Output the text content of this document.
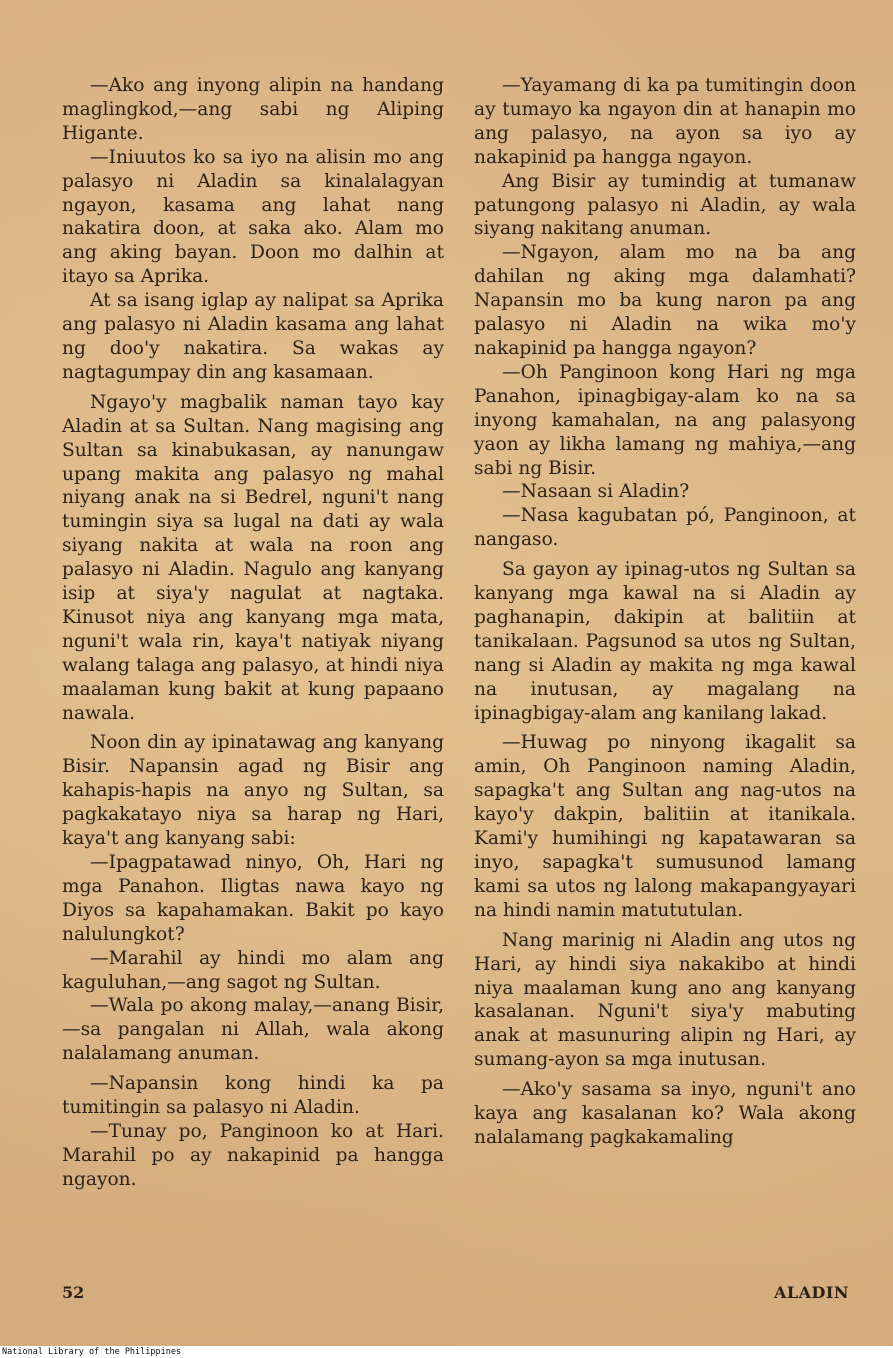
—Ako ang inyong alipin na handang maglingkod,—ang sabi ng Aliping Higante.

—Iniuutos ko sa iyo na alisin mo ang palasyo ni Aladin sa kinalalagyan ngayon, kasama ang lahat nang nakatira doon, at saka ako. Alam mo ang aking bayan. Doon mo dalhin at itayo sa Aprika.

At sa isang iglap ay nalipat sa Aprika ang palasyo ni Aladin kasama ang lahat ng doo'y nakatira. Sa wakas ay nagtagumpay din ang kasamaan.

Ngayo'y magbalik naman tayo kay Aladin at sa Sultan. Nang magising ang Sultan sa kinabukasan, ay nanungaw upang makita ang palasyo ng mahal niyang anak na si Bedrel, nguni't nang tumingin siya sa lugal na dati ay wala siyang nakita at wala na roon ang palasyo ni Aladin. Nagulo ang kanyang isip at siya'y nagulat at nagtaka. Kinusot niya ang kanyang mga mata, nguni't wala rin, kaya't natiyak niyang walang talaga ang palasyo, at hindi niya maalaman kung bakit at kung papaano nawala.

Noon din ay ipinatawag ang kanyang Bisir. Napansin agad ng Bisir ang kahapis-hapis na anyo ng Sultan, sa pagkakatayo niya sa harap ng Hari, kaya't ang kanyang sabi:

—Ipagpatawad ninyo, Oh, Hari ng mga Panahon. Iligtas nawa kayo ng Diyos sa kapahamakan. Bakit po kayo nalulungkot?

—Marahil ay hindi mo alam ang kaguluhan,—ang sagot ng Sultan.

—Wala po akong malay,—anang Bisir,—sa pangalan ni Allah, wala akong nalalamang anuman.

—Napansin kong hindi ka pa tumitingin sa palasyo ni Aladin.

—Tunay po, Panginoon ko at Hari. Marahil po ay nakapinid pa hangga ngayon.

—Yayamang di ka pa tumitingin doon ay tumayo ka ngayon din at hanapin mo ang palasyo, na ayon sa iyo ay nakapinid pa hangga ngayon.

Ang Bisir ay tumindig at tumanaw patungong palasyo ni Aladin, ay wala siyang nakitang anuman.

—Ngayon, alam mo na ba ang dahilan ng aking mga dalamhati? Napansin mo ba kung naron pa ang palasyo ni Aladin na wika mo'y nakapinid pa hangga ngayon?

—Oh Panginoon kong Hari ng mga Panahon, ipinagbigay-alam ko na sa inyong kamahalan, na ang palasyong yaon ay likha lamang ng mahiya,—ang sabi ng Bisir.

—Nasaan si Aladin?

—Nasa kagubatan pó, Panginoon, at nangaso.

Sa gayon ay ipinag-utos ng Sultan sa kanyang mga kawal na si Aladin ay paghanapin, dakipin at balitiin at tanikalaan. Pagsunod sa utos ng Sultan, nang si Aladin ay makita ng mga kawal na inutusan, ay magalang na ipinagbigay-alam ang kanilang lakad.

—Huwag po ninyong ikagalit sa amin, Oh Panginoon naming Aladin, sapagka't ang Sultan ang nag-utos na kayo'y dakpin, balitiin at itanikala. Kami'y humihingi ng kapatawaran sa inyo, sapagka't sumusunod lamang kami sa utos ng lalong makapangyayari na hindi namin matututulan.

Nang marinig ni Aladin ang utos ng Hari, ay hindi siya nakakibo at hindi niya maalaman kung ano ang kanyang kasalanan. Nguni't siya'y mabuting anak at masunuring alipin ng Hari, ay sumang-ayon sa mga inutusan.

—Ako'y sasama sa inyo, nguni't ano kaya ang kasalanan ko? Wala akong nalalamang pagkakamaling

52	ALADIN
National Library of the Philippines
